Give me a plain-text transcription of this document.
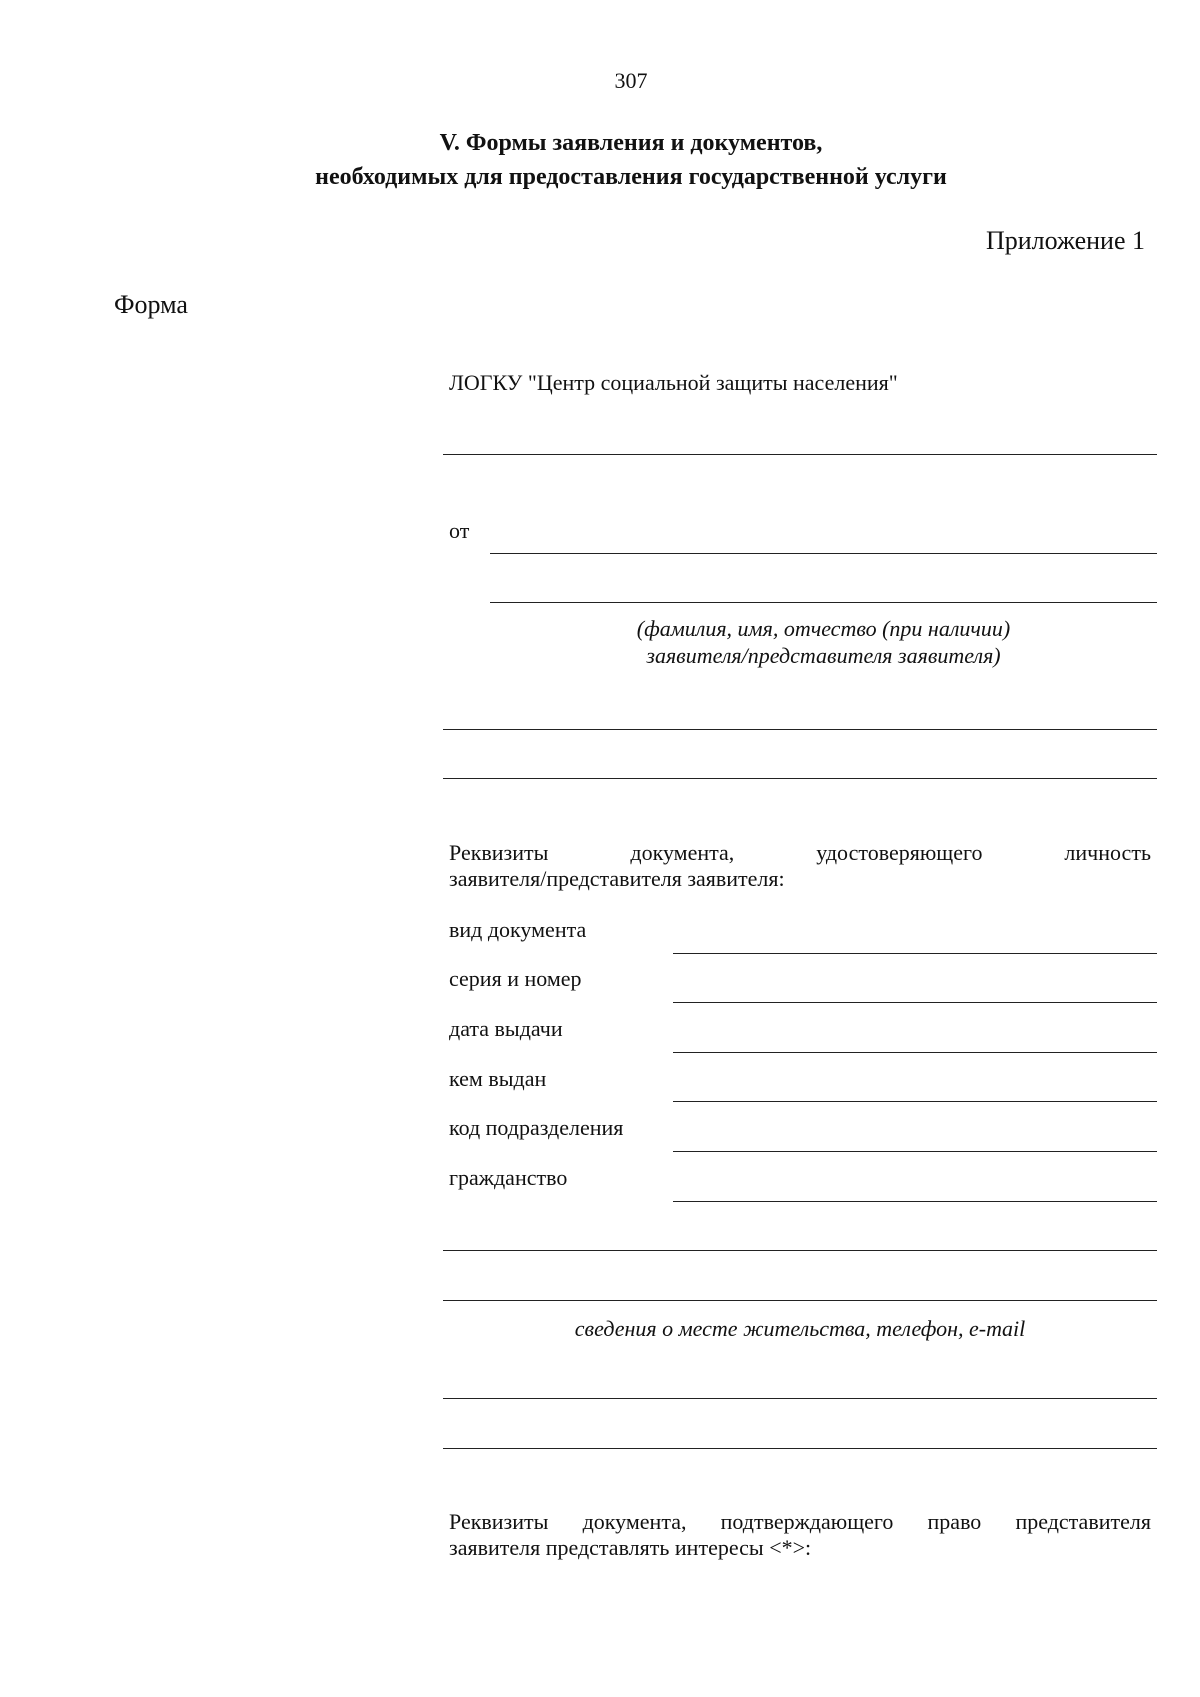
307
V. Формы заявления и документов,
необходимых для предоставления государственной услуги
Приложение 1
Форма
ЛОГКУ "Центр социальной защиты населения"
от
(фамилия, имя, отчество (при наличии)
заявителя/представителя заявителя)
Реквизиты	документа,	удостоверяющего	личность
заявителя/представителя заявителя:
вид документа
серия и номер
дата выдачи
кем выдан
код подразделения
гражданство
сведения о месте жительства, телефон, e-mail
Реквизиты документа, подтверждающего право представителя
заявителя представлять интересы <*>:
